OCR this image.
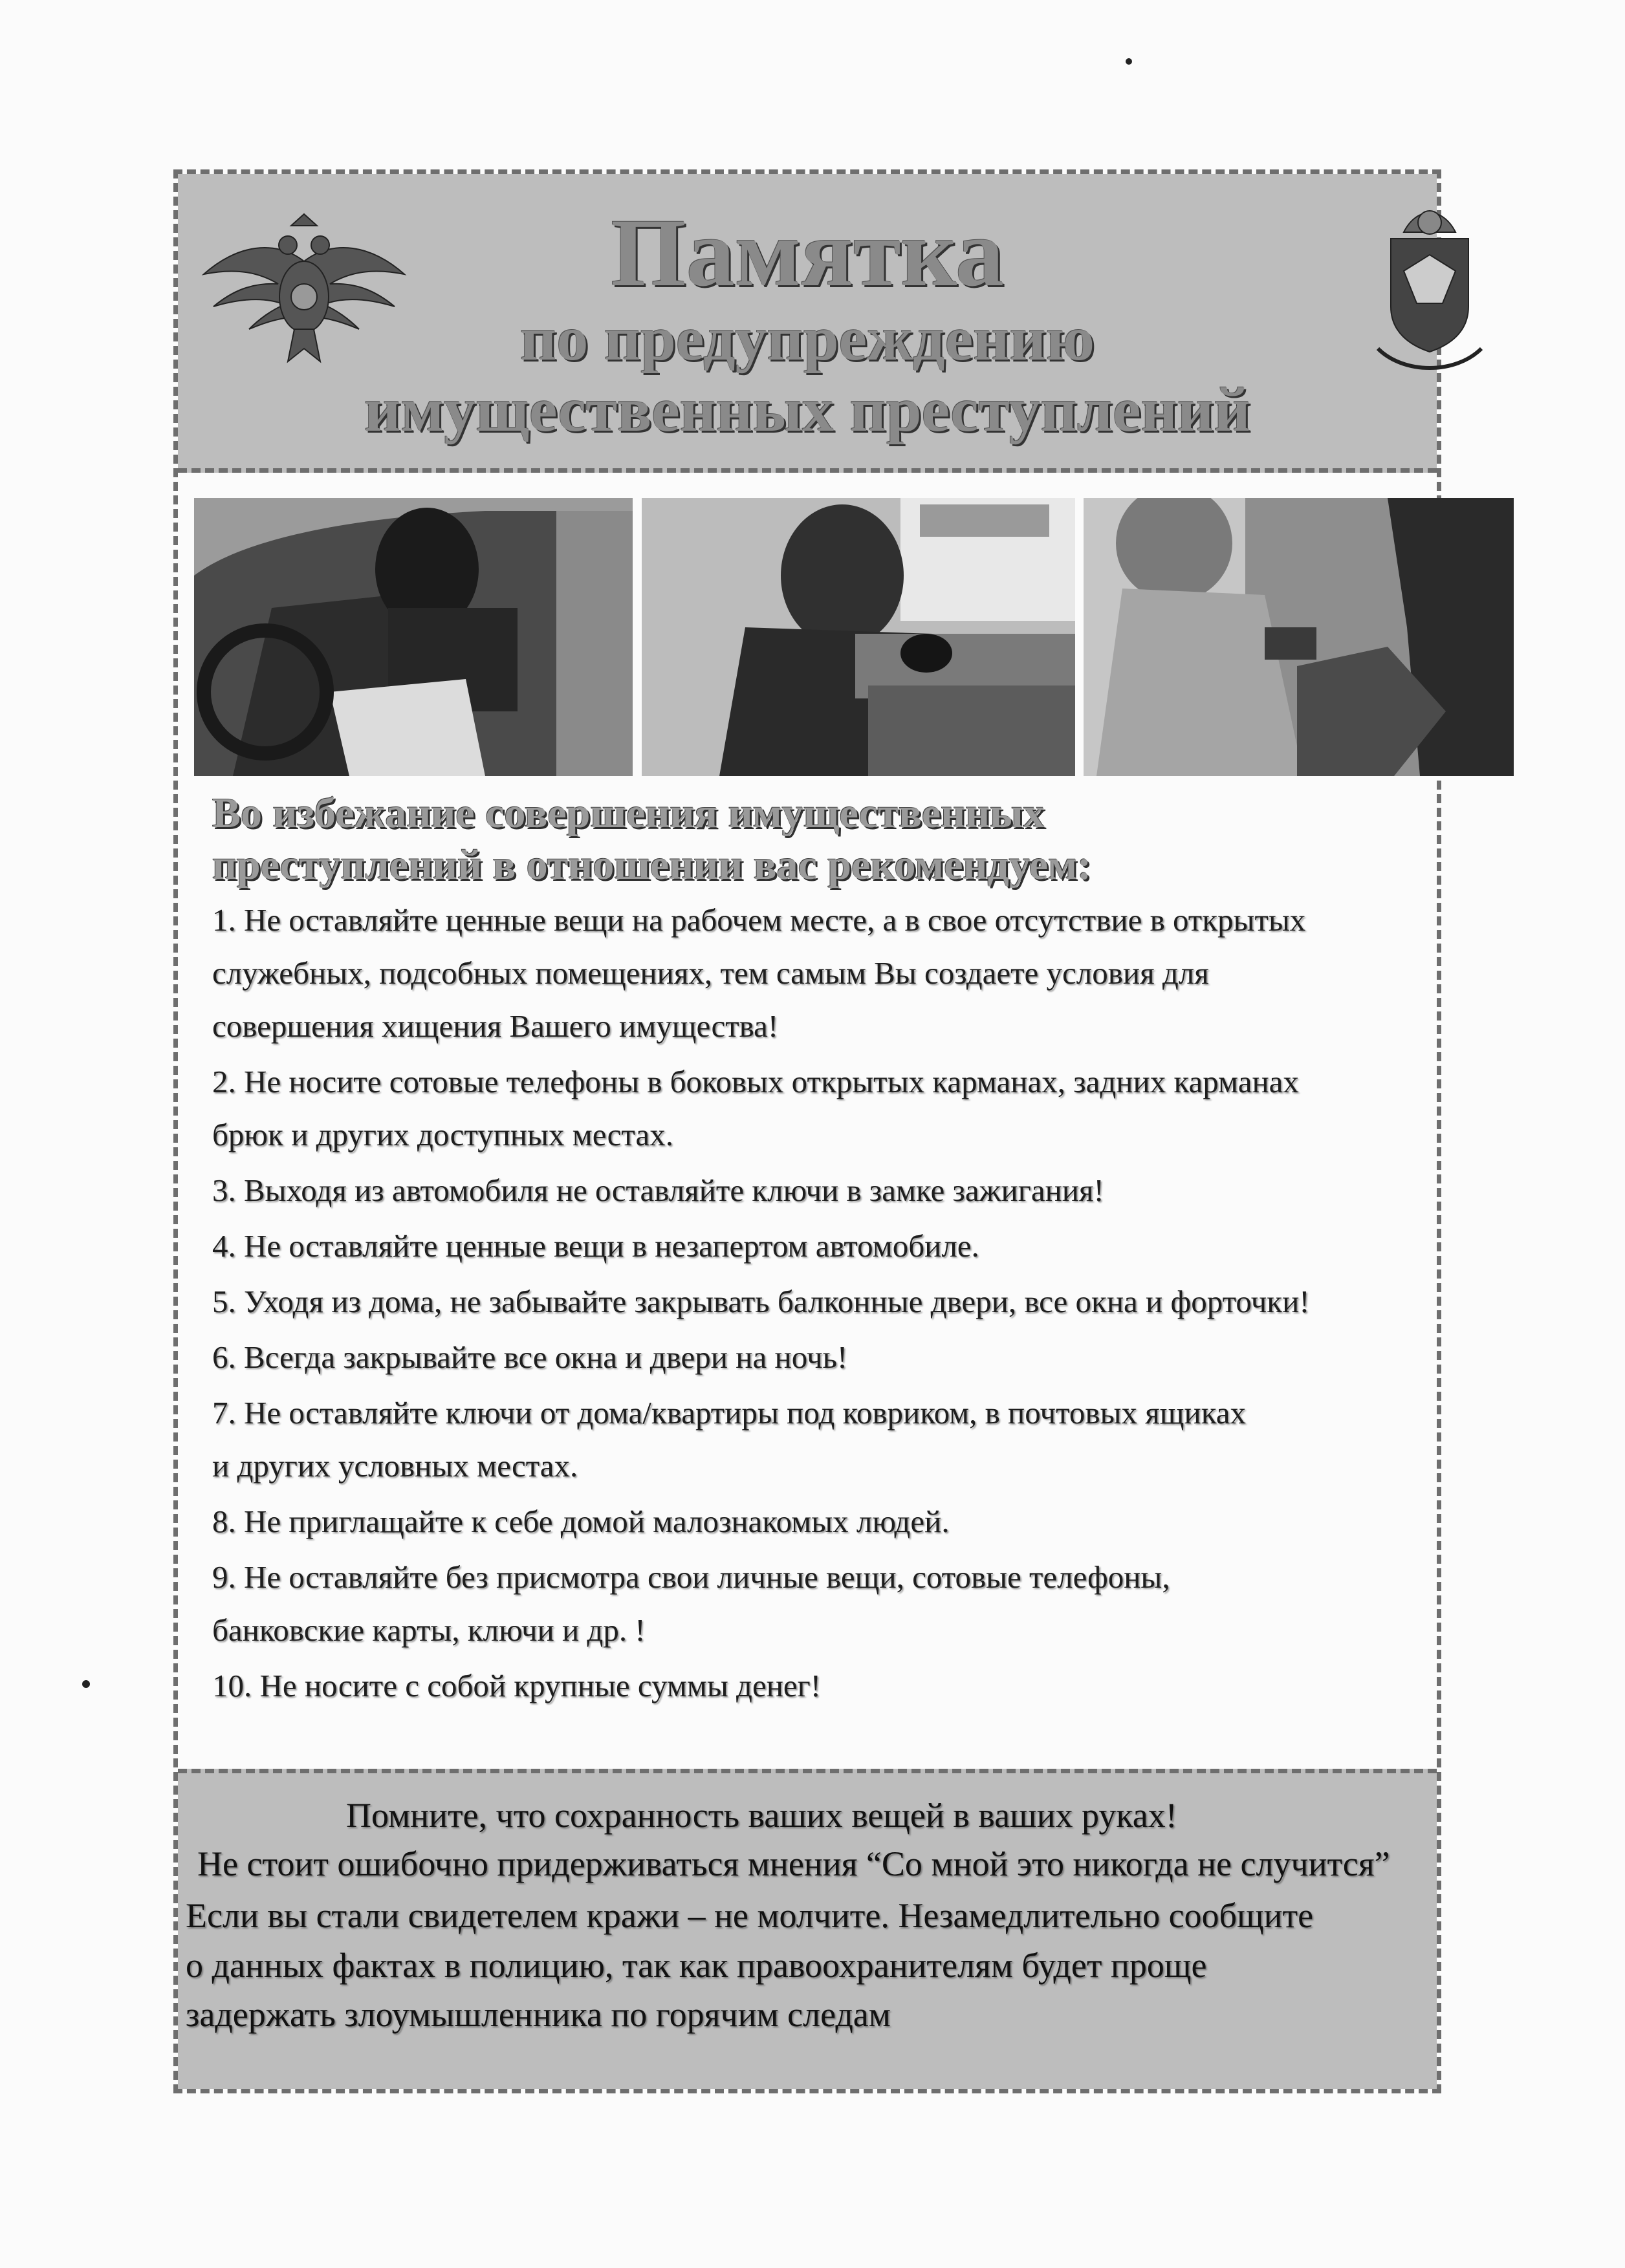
Памятка
по предупреждению
имущественных преступлений
Во избежание совершения имущественных
преступлений в отношении вас рекомендуем:
1. Не оставляйте ценные вещи на рабочем месте, а в свое отсутствие в открытых
служебных, подсобных помещениях, тем самым Вы создаете условия для
совершения хищения Вашего имущества!
2. Не носите сотовые телефоны в боковых открытых карманах, задних карманах
брюк и других доступных местах.
3. Выходя из автомобиля не оставляйте ключи в замке зажигания!
4. Не оставляйте ценные вещи в незапертом автомобиле.
5. Уходя из дома, не забывайте закрывать балконные двери, все окна и форточки!
6. Всегда закрывайте все окна и двери на ночь!
7. Не оставляйте ключи от дома/квартиры под ковриком, в почтовых ящиках
и других условных местах.
8. Не приглащайте к себе домой малознакомых людей.
9. Не оставляйте без присмотра свои личные вещи, сотовые телефоны,
банковские карты, ключи и др. !
10. Не носите с собой крупные суммы денег!
Помните, что сохранность ваших вещей в ваших руках!
Не стоит ошибочно придерживаться мнения “Со мной это никогда не случится”
Если вы стали свидетелем кражи – не молчите. Незамедлительно сообщите
о данных фактах в полицию, так как правоохранителям будет проще
задержать злоумышленника по горячим следам
